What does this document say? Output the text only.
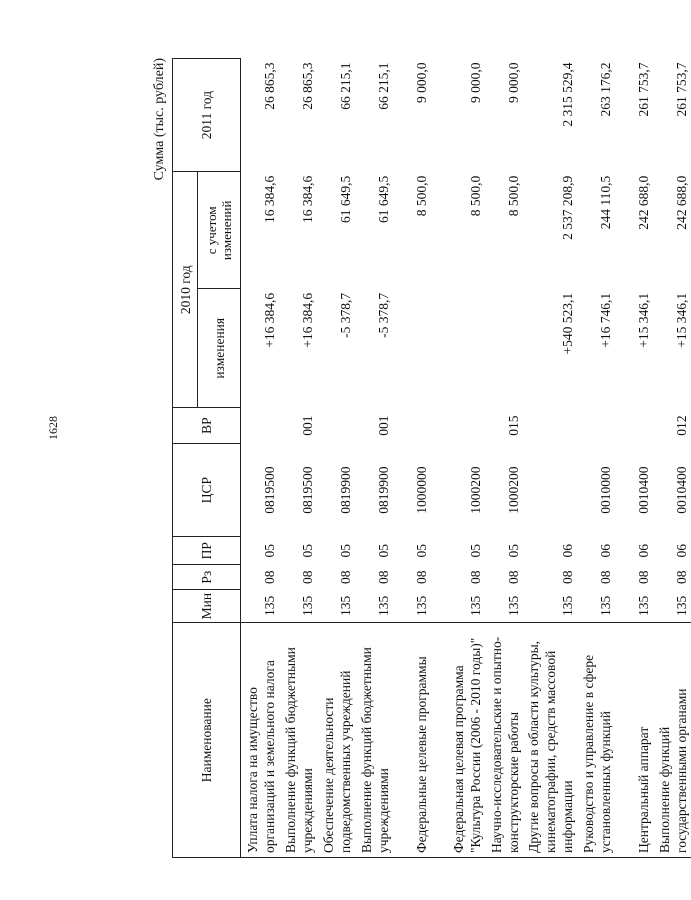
1628
Сумма (тыс. рублей)
Наименование	Мин	Рз	ПР	ЦСР	ВР	2010 год		2011 год
						изменения	с учетом изменений	
Уплата налога на имущество организаций и земельного налога	135	08	05	0819500		+16 384,6	16 384,6	26 865,3
Выполнение функций бюджетными учреждениями	135	08	05	0819500	001	+16 384,6	16 384,6	26 865,3
Обеспечение деятельности подведомственных учреждений	135	08	05	0819900		-5 378,7	61 649,5	66 215,1
Выполнение функций бюджетными учреждениями	135	08	05	0819900	001	-5 378,7	61 649,5	66 215,1
Федеральные целевые программы	135	08	05	1000000			8 500,0	9 000,0
Федеральная целевая программа "Культура России (2006 - 2010 годы)"	135	08	05	1000200			8 500,0	9 000,0
Научно-исследовательские и опытно-конструкторские работы	135	08	05	1000200	015		8 500,0	9 000,0
Другие вопросы в области культуры, кинематографии, средств массовой информации	135	08	06			+540 523,1	2 537 208,9	2 315 529,4
Руководство и управление в сфере установленных функций	135	08	06	0010000		+16 746,1	244 110,5	263 176,2
Центральный аппарат	135	08	06	0010400		+15 346,1	242 688,0	261 753,7
Выполнение функций государственными органами	135	08	06	0010400	012	+15 346,1	242 688,0	261 753,7
